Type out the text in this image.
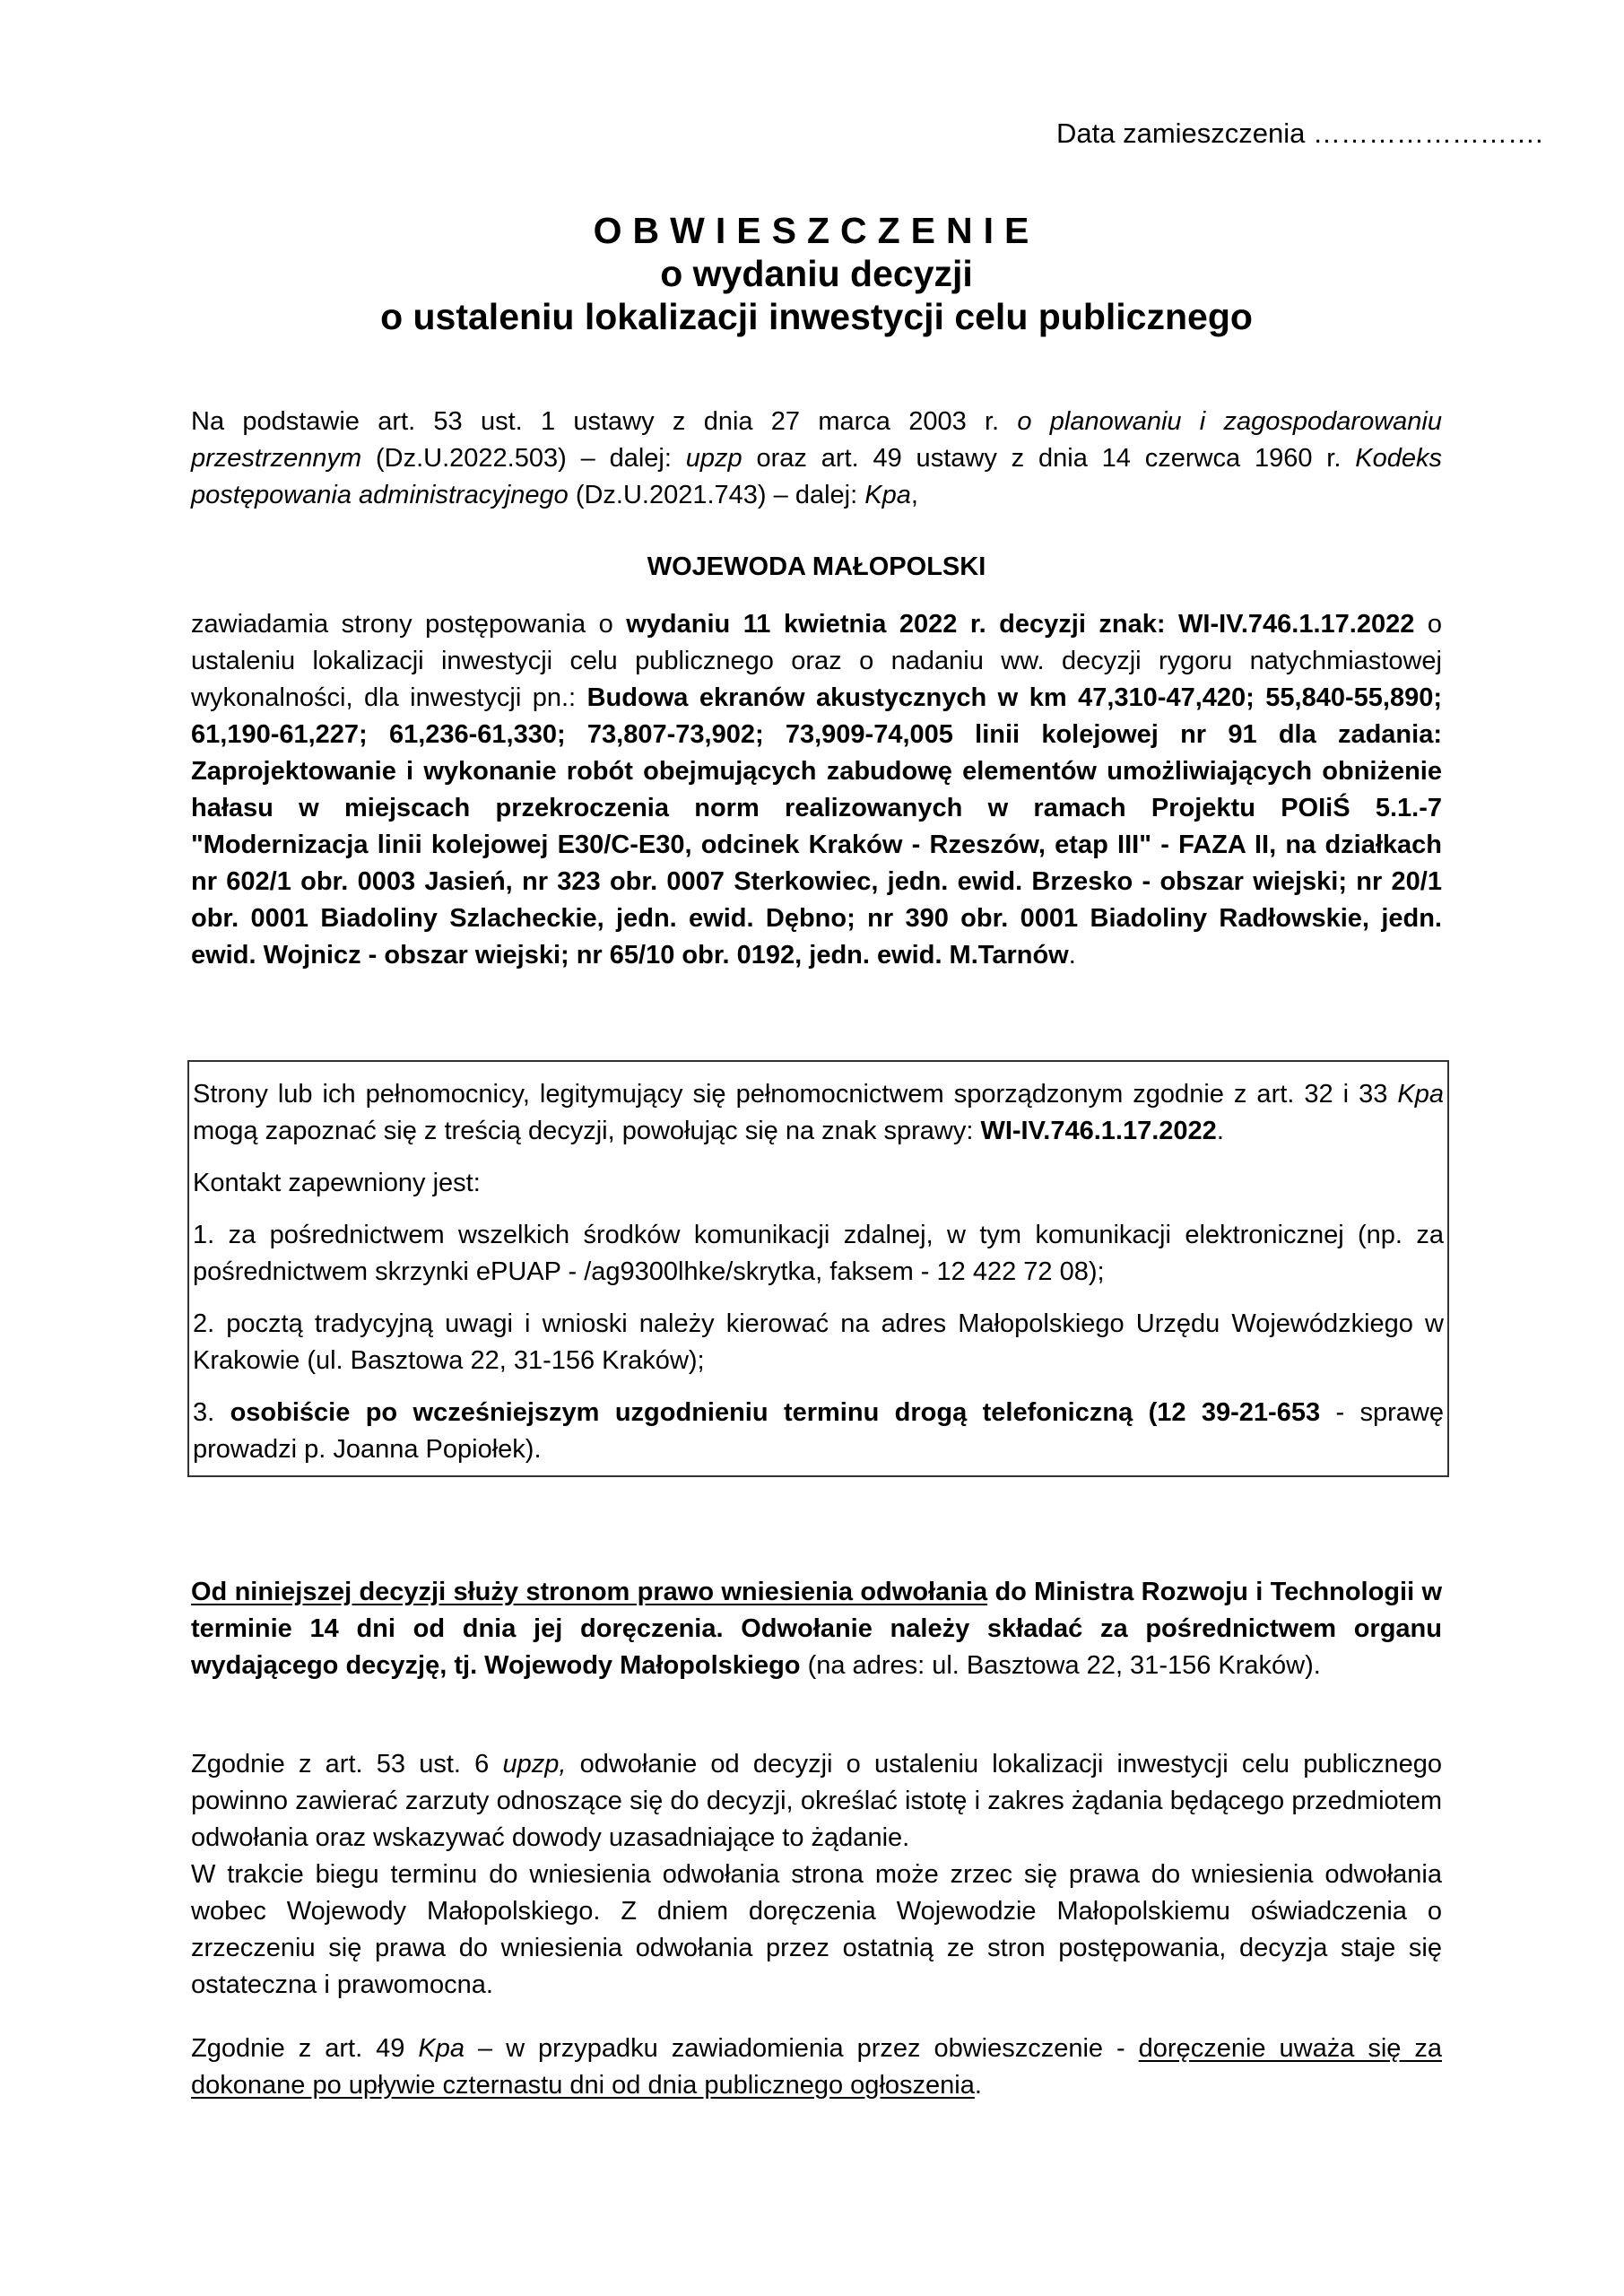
Data zamieszczenia …………………….
OBWIESZCZENIE
o wydaniu decyzji
o ustaleniu lokalizacji inwestycji celu publicznego

Na podstawie art. 53 ust. 1 ustawy z dnia 27 marca 2003 r. o planowaniu i zagospodarowaniu przestrzennym (Dz.U.2022.503) – dalej: upzp oraz art. 49 ustawy z dnia 14 czerwca 1960 r. Kodeks postępowania administracyjnego (Dz.U.2021.743) – dalej: Kpa,

WOJEWODA MAŁOPOLSKI

zawiadamia strony postępowania o wydaniu 11 kwietnia 2022 r. decyzji znak: WI-IV.746.1.17.2022 o ustaleniu lokalizacji inwestycji celu publicznego oraz o nadaniu ww. decyzji rygoru natychmiastowej wykonalności, dla inwestycji pn.: Budowa ekranów akustycznych w km 47,310-47,420; 55,840-55,890; 61,190-61,227; 61,236-61,330; 73,807-73,902; 73,909-74,005 linii kolejowej nr 91 dla zadania: Zaprojektowanie i wykonanie robót obejmujących zabudowę elementów umożliwiających obniżenie hałasu w miejscach przekroczenia norm realizowanych w ramach Projektu POIiŚ 5.1.-7 "Modernizacja linii kolejowej E30/C-E30, odcinek Kraków - Rzeszów, etap III" - FAZA II, na działkach nr 602/1 obr. 0003 Jasień, nr 323 obr. 0007 Sterkowiec, jedn. ewid. Brzesko - obszar wiejski; nr 20/1 obr. 0001 Biadoliny Szlacheckie, jedn. ewid. Dębno; nr 390 obr. 0001 Biadoliny Radłowskie, jedn. ewid. Wojnicz - obszar wiejski; nr 65/10 obr. 0192, jedn. ewid. M.Tarnów.

Strony lub ich pełnomocnicy, legitymujący się pełnomocnictwem sporządzonym zgodnie z art. 32 i 33 Kpa mogą zapoznać się z treścią decyzji, powołując się na znak sprawy: WI-IV.746.1.17.2022.

Kontakt zapewniony jest:

1. za pośrednictwem wszelkich środków komunikacji zdalnej, w tym komunikacji elektronicznej (np. za pośrednictwem skrzynki ePUAP - /ag9300lhke/skrytka, faksem - 12 422 72 08);

2. pocztą tradycyjną uwagi i wnioski należy kierować na adres Małopolskiego Urzędu Wojewódzkiego w Krakowie (ul. Basztowa 22, 31-156 Kraków);

3. osobiście po wcześniejszym uzgodnieniu terminu drogą telefoniczną (12 39-21-653 - sprawę prowadzi p. Joanna Popiołek).

Od niniejszej decyzji służy stronom prawo wniesienia odwołania do Ministra Rozwoju i Technologii w terminie 14 dni od dnia jej doręczenia. Odwołanie należy składać za pośrednictwem organu wydającego decyzję, tj. Wojewody Małopolskiego (na adres: ul. Basztowa 22, 31-156 Kraków).

Zgodnie z art. 53 ust. 6 upzp, odwołanie od decyzji o ustaleniu lokalizacji inwestycji celu publicznego powinno zawierać zarzuty odnoszące się do decyzji, określać istotę i zakres żądania będącego przedmiotem odwołania oraz wskazywać dowody uzasadniające to żądanie.

W trakcie biegu terminu do wniesienia odwołania strona może zrzec się prawa do wniesienia odwołania wobec Wojewody Małopolskiego. Z dniem doręczenia Wojewodzie Małopolskiemu oświadczenia o zrzeczeniu się prawa do wniesienia odwołania przez ostatnią ze stron postępowania, decyzja staje się ostateczna i prawomocna.

Zgodnie z art. 49 Kpa – w przypadku zawiadomienia przez obwieszczenie - doręczenie uważa się za dokonane po upływie czternastu dni od dnia publicznego ogłoszenia.
